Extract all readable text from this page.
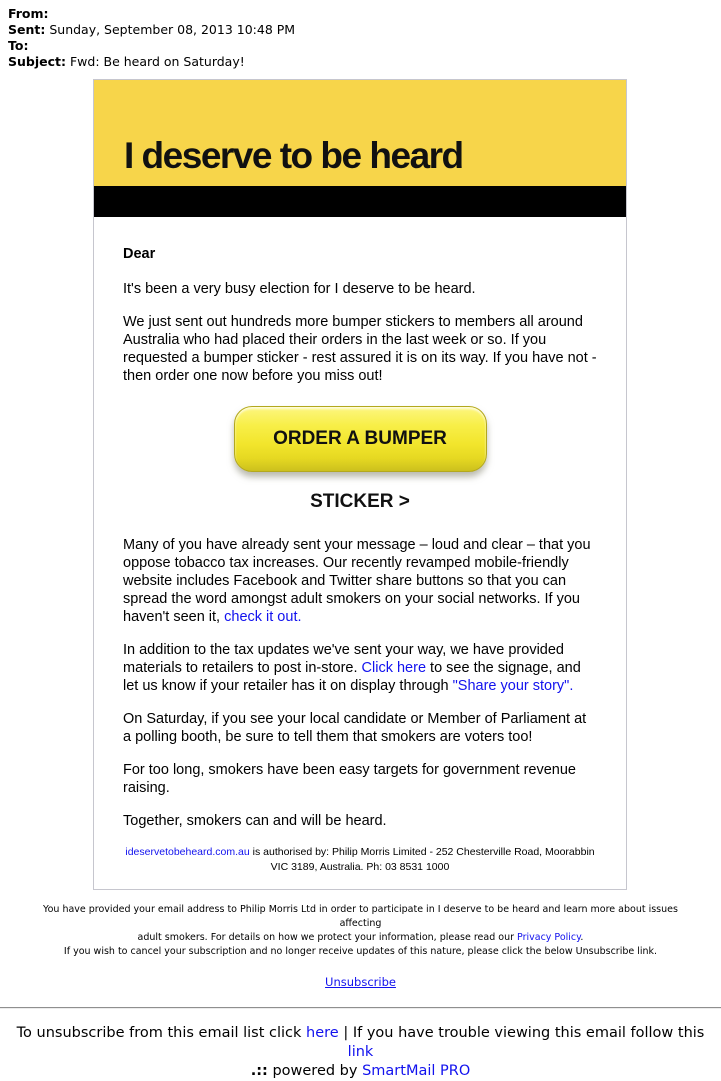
From:
Sent: Sunday, September 08, 2013 10:48 PM
To:
Subject: Fwd: Be heard on Saturday!
I deserve to be heard

Dear

It's been a very busy election for I deserve to be heard.

We just sent out hundreds more bumper stickers to members all around Australia who had placed their orders in the last week or so. If you requested a bumper sticker - rest assured it is on its way. If you have not - then order one now before you miss out!

ORDER A BUMPER STICKER >

Many of you have already sent your message – loud and clear – that you oppose tobacco tax increases. Our recently revamped mobile-friendly website includes Facebook and Twitter share buttons so that you can spread the word amongst adult smokers on your social networks. If you haven't seen it, check it out.

In addition to the tax updates we've sent your way, we have provided materials to retailers to post in-store. Click here to see the signage, and let us know if your retailer has it on display through "Share your story".

On Saturday, if you see your local candidate or Member of Parliament at a polling booth, be sure to tell them that smokers are voters too!

For too long, smokers have been easy targets for government revenue raising.

Together, smokers can and will be heard.

ideservetobeheard.com.au is authorised by: Philip Morris Limited - 252 Chesterville Road, Moorabbin
VIC 3189, Australia. Ph: 03 8531 1000

You have provided your email address to Philip Morris Ltd in order to participate in I deserve to be heard and learn more about issues affecting
adult smokers. For details on how we protect your information, please read our Privacy Policy.
If you wish to cancel your subscription and no longer receive updates of this nature, please click the below Unsubscribe link.
Unsubscribe
To unsubscribe from this email list click here | If you have trouble viewing this email follow this
link
.:: powered by SmartMail PRO
